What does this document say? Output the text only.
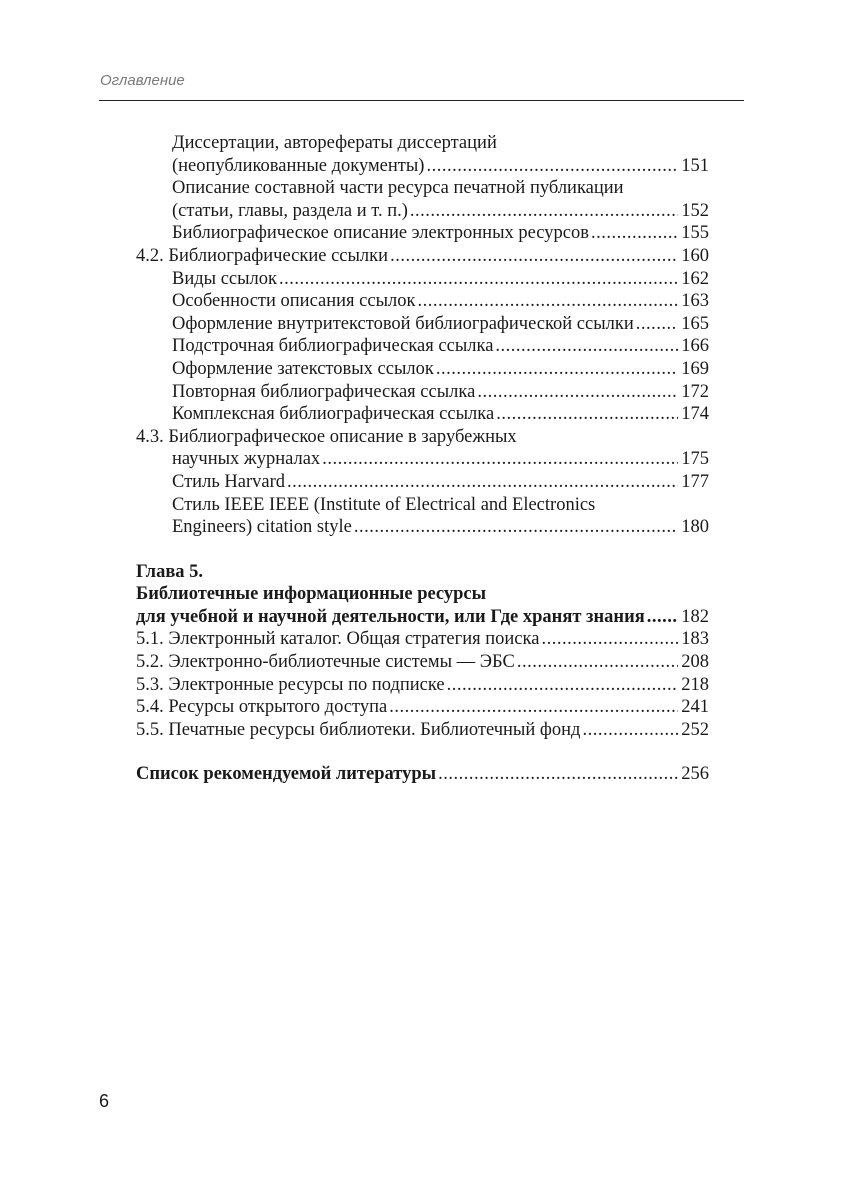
Оглавление
Диссертации, авторефераты диссертаций
(неопубликованные документы) .....	151
Описание составной части ресурса печатной публикации
(статьи, главы, раздела и т. п.) .....	152
Библиографическое описание электронных ресурсов .....	155
4.2. Библиографические ссылки .....	160
Виды ссылок .....	162
Особенности описания ссылок .....	163
Оформление внутритекстовой библиографической ссылки .....	165
Подстрочная библиографическая ссылка .....	166
Оформление затекстовых ссылок .....	169
Повторная библиографическая ссылка .....	172
Комплексная библиографическая ссылка .....	174
4.3. Библиографическое описание в зарубежных
научных журналах .....	175
Стиль Harvard .....	177
Стиль IEEE IEEE (Institute of Electrical and Electronics
Engineers) citation style .....	180
Глава 5.
Библиотечные информационные ресурсы
для учебной и научной деятельности, или Где хранят знания ..... 182
5.1. Электронный каталог. Общая стратегия поиска .....	183
5.2. Электронно-библиотечные системы — ЭБС .....	208
5.3. Электронные ресурсы по подписке .....	218
5.4. Ресурсы открытого доступа .....	241
5.5. Печатные ресурсы библиотеки. Библиотечный фонд .....	252
Список рекомендуемой литературы .....	256
6
